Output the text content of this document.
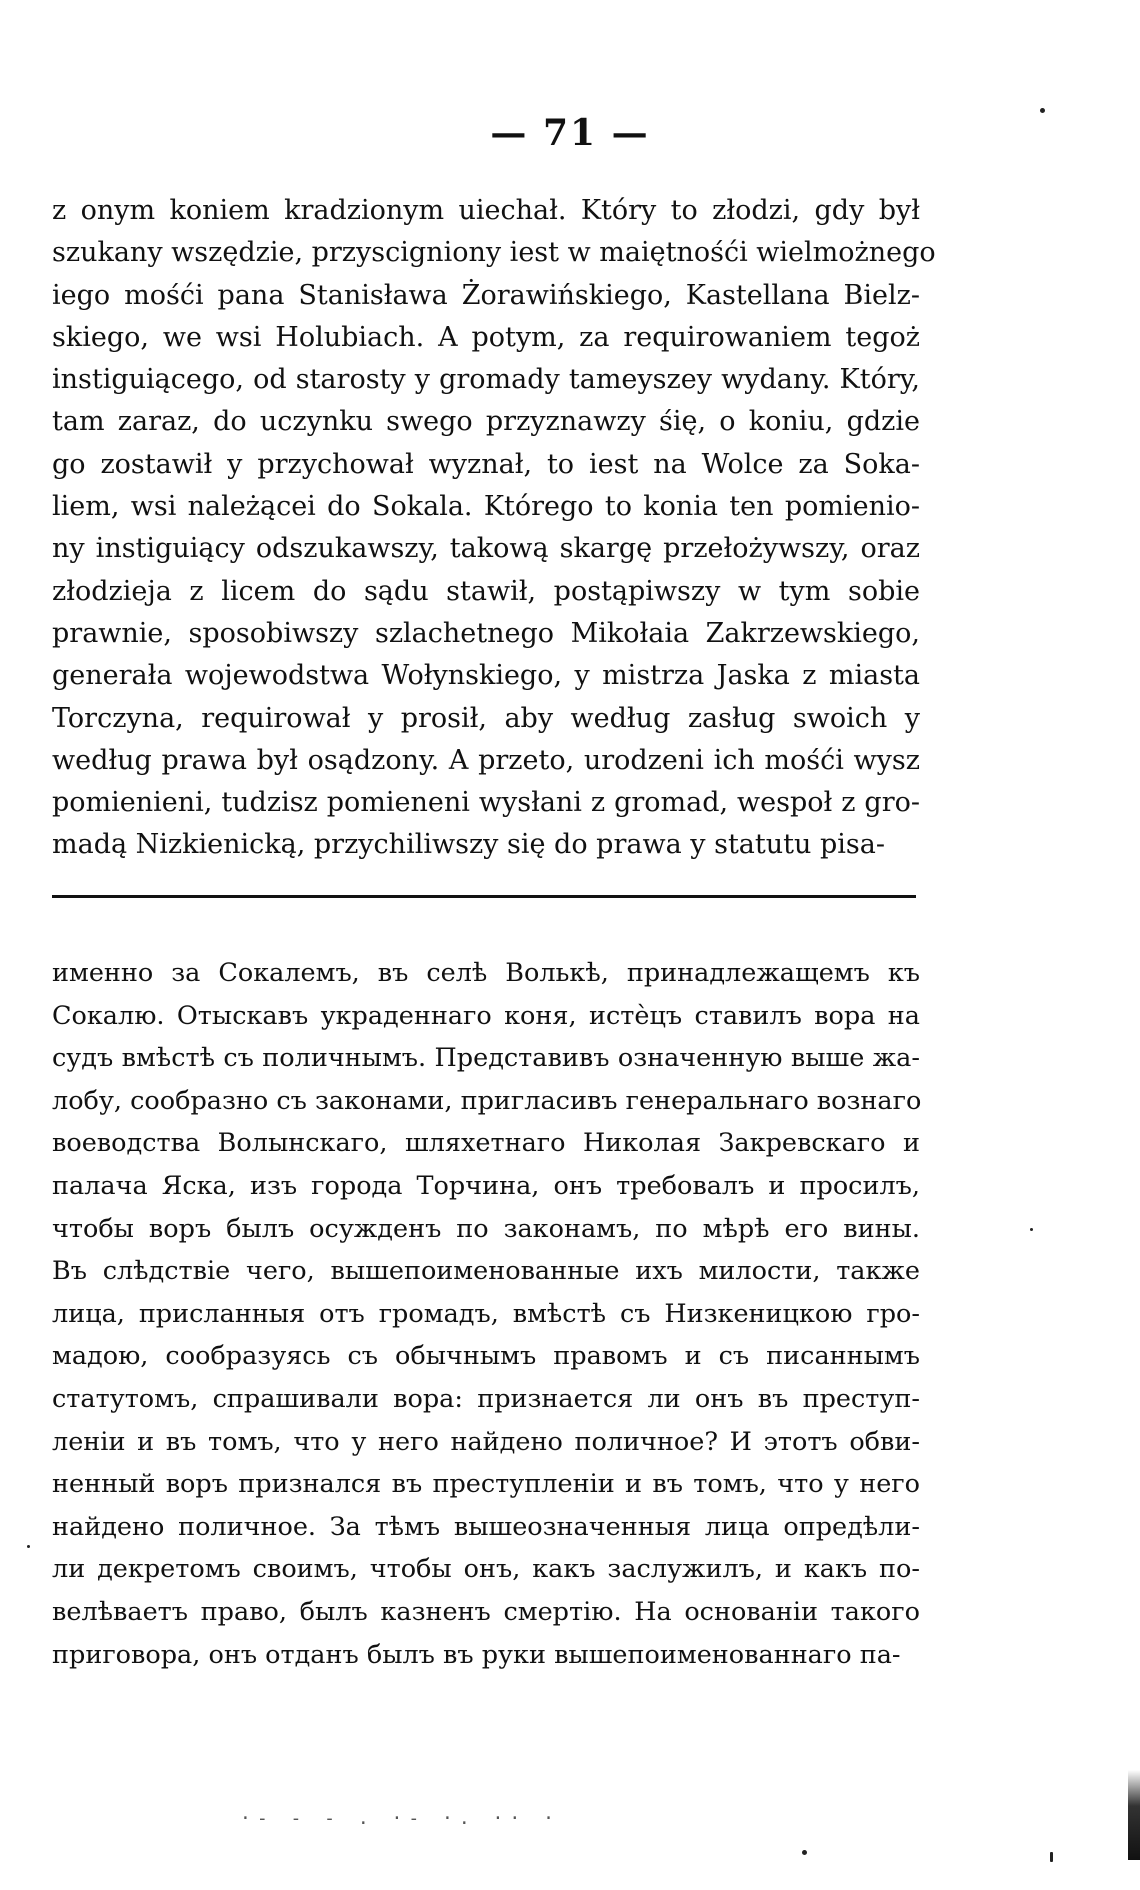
— 71 —
z onym koniem kradzionym uiechał. Który to złodzi, gdy był
szukany wszędzie, przyscigniony iest w maiętnośći wielmożnego
iego mośći pana Stanisława Żorawińskiego, Kastellana Bielz-
skiego, we wsi Holubiach. A potym, za requirowaniem tegoż
instiguiącego, od starosty y gromady tameyszey wydany. Który,
tam zaraz, do uczynku swego przyznawzy śię, o koniu, gdzie
go zostawił y przychował wyznał, to iest na Wolce za Soka-
liem, wsi należącei do Sokala. Którego to konia ten pomienio-
ny instiguiący odszukawszy, takową skargę przełożywszy, oraz
złodzieja z licem do sądu stawił, postąpiwszy w tym sobie
prawnie, sposobiwszy szlachetnego Mikołaia Zakrzewskiego,
generała wojewodstwa Wołynskiego, y mistrza Jaska z miasta
Torczyna, requirował y prosił, aby według zasług swoich y
według prawa był osądzony. A przeto, urodzeni ich mośći wysz
pomienieni, tudzisz pomieneni wysłani z gromad, wespoł z gro-
madą Nizkienicką, przychiliwszy się do prawa y statutu pisa-
именно за Сокалемъ, въ селѣ Волькѣ, принадлежащемъ къ
Сокалю. Отыскавъ украденнаго коня, истѐцъ ставилъ вора на
судъ вмѣстѣ съ поличнымъ. Представивъ означенную выше жа-
лобу, сообразно съ законами, пригласивъ генеральнаго вознаго
воеводства Волынскаго, шляхетнаго Николая Закревскаго и
палача Яска, изъ города Торчина, онъ требовалъ и просилъ,
чтобы воръ былъ осужденъ по законамъ, по мѣрѣ его вины.
Въ слѣдствіе чего, вышепоименованные ихъ милости, также
лица, присланныя отъ громадъ, вмѣстѣ съ Низкеницкою гро-
мадою, сообразуясь съ обычнымъ правомъ и съ писаннымъ
статутомъ, спрашивали вора: признается ли онъ въ преступ-
леніи и въ томъ, что у него найдено поличное? И этотъ обви-
ненный воръ признался въ преступленіи и въ томъ, что у него
найдено поличное. За тѣмъ вышеозначенныя лица опредѣли-
ли декретомъ своимъ, чтобы онъ, какъ заслужилъ, и какъ по-
велѣваетъ право, былъ казненъ смертію. На основаніи такого
приговора, онъ отданъ былъ въ руки вышепоименованнаго па-
·- - - . ·- ·. ·· ·
